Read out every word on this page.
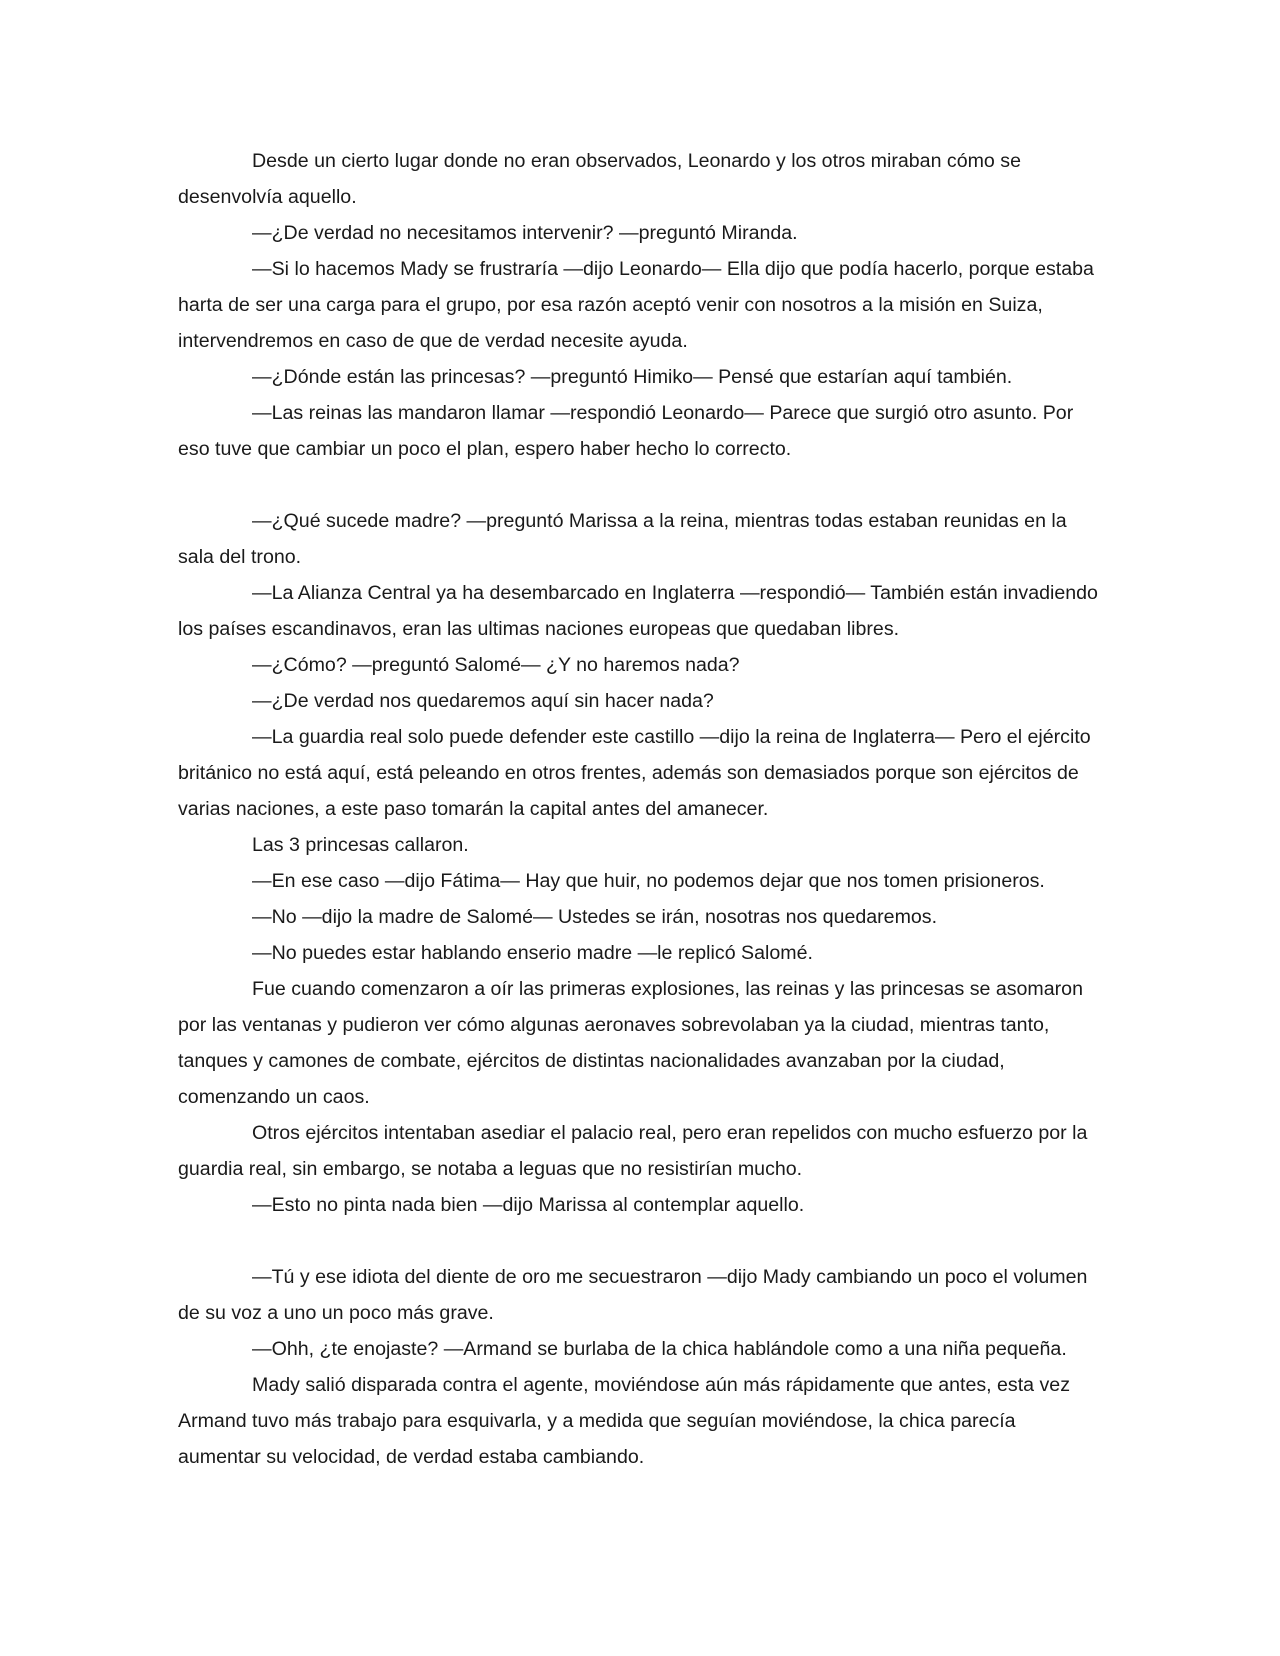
Desde un cierto lugar donde no eran observados, Leonardo y los otros miraban cómo se desenvolvía aquello.

—¿De verdad no necesitamos intervenir? —preguntó Miranda.

—Si lo hacemos Mady se frustraría —dijo Leonardo— Ella dijo que podía hacerlo, porque estaba harta de ser una carga para el grupo, por esa razón aceptó venir con nosotros a la misión en Suiza, intervendremos en caso de que de verdad necesite ayuda.

—¿Dónde están las princesas? —preguntó Himiko— Pensé que estarían aquí también.

—Las reinas las mandaron llamar —respondió Leonardo— Parece que surgió otro asunto. Por eso tuve que cambiar un poco el plan, espero haber hecho lo correcto.

—¿Qué sucede madre? —preguntó Marissa a la reina, mientras todas estaban reunidas en la sala del trono.

—La Alianza Central ya ha desembarcado en Inglaterra —respondió— También están invadiendo los países escandinavos, eran las ultimas naciones europeas que quedaban libres.

—¿Cómo? —preguntó Salomé— ¿Y no haremos nada?

—¿De verdad nos quedaremos aquí sin hacer nada?

—La guardia real solo puede defender este castillo —dijo la reina de Inglaterra— Pero el ejército británico no está aquí, está peleando en otros frentes, además son demasiados porque son ejércitos de varias naciones, a este paso tomarán la capital antes del amanecer.

Las 3 princesas callaron.

—En ese caso —dijo Fátima— Hay que huir, no podemos dejar que nos tomen prisioneros.

—No —dijo la madre de Salomé— Ustedes se irán, nosotras nos quedaremos.

—No puedes estar hablando enserio madre —le replicó Salomé.

Fue cuando comenzaron a oír las primeras explosiones, las reinas y las princesas se asomaron por las ventanas y pudieron ver cómo algunas aeronaves sobrevolaban ya la ciudad, mientras tanto, tanques y camones de combate, ejércitos de distintas nacionalidades avanzaban por la ciudad, comenzando un caos.

Otros ejércitos intentaban asediar el palacio real, pero eran repelidos con mucho esfuerzo por la guardia real, sin embargo, se notaba a leguas que no resistirían mucho.

—Esto no pinta nada bien —dijo Marissa al contemplar aquello.

—Tú y ese idiota del diente de oro me secuestraron —dijo Mady cambiando un poco el volumen de su voz a uno un poco más grave.

—Ohh, ¿te enojaste? —Armand se burlaba de la chica hablándole como a una niña pequeña.

Mady salió disparada contra el agente, moviéndose aún más rápidamente que antes, esta vez Armand tuvo más trabajo para esquivarla, y a medida que seguían moviéndose, la chica parecía aumentar su velocidad, de verdad estaba cambiando.
